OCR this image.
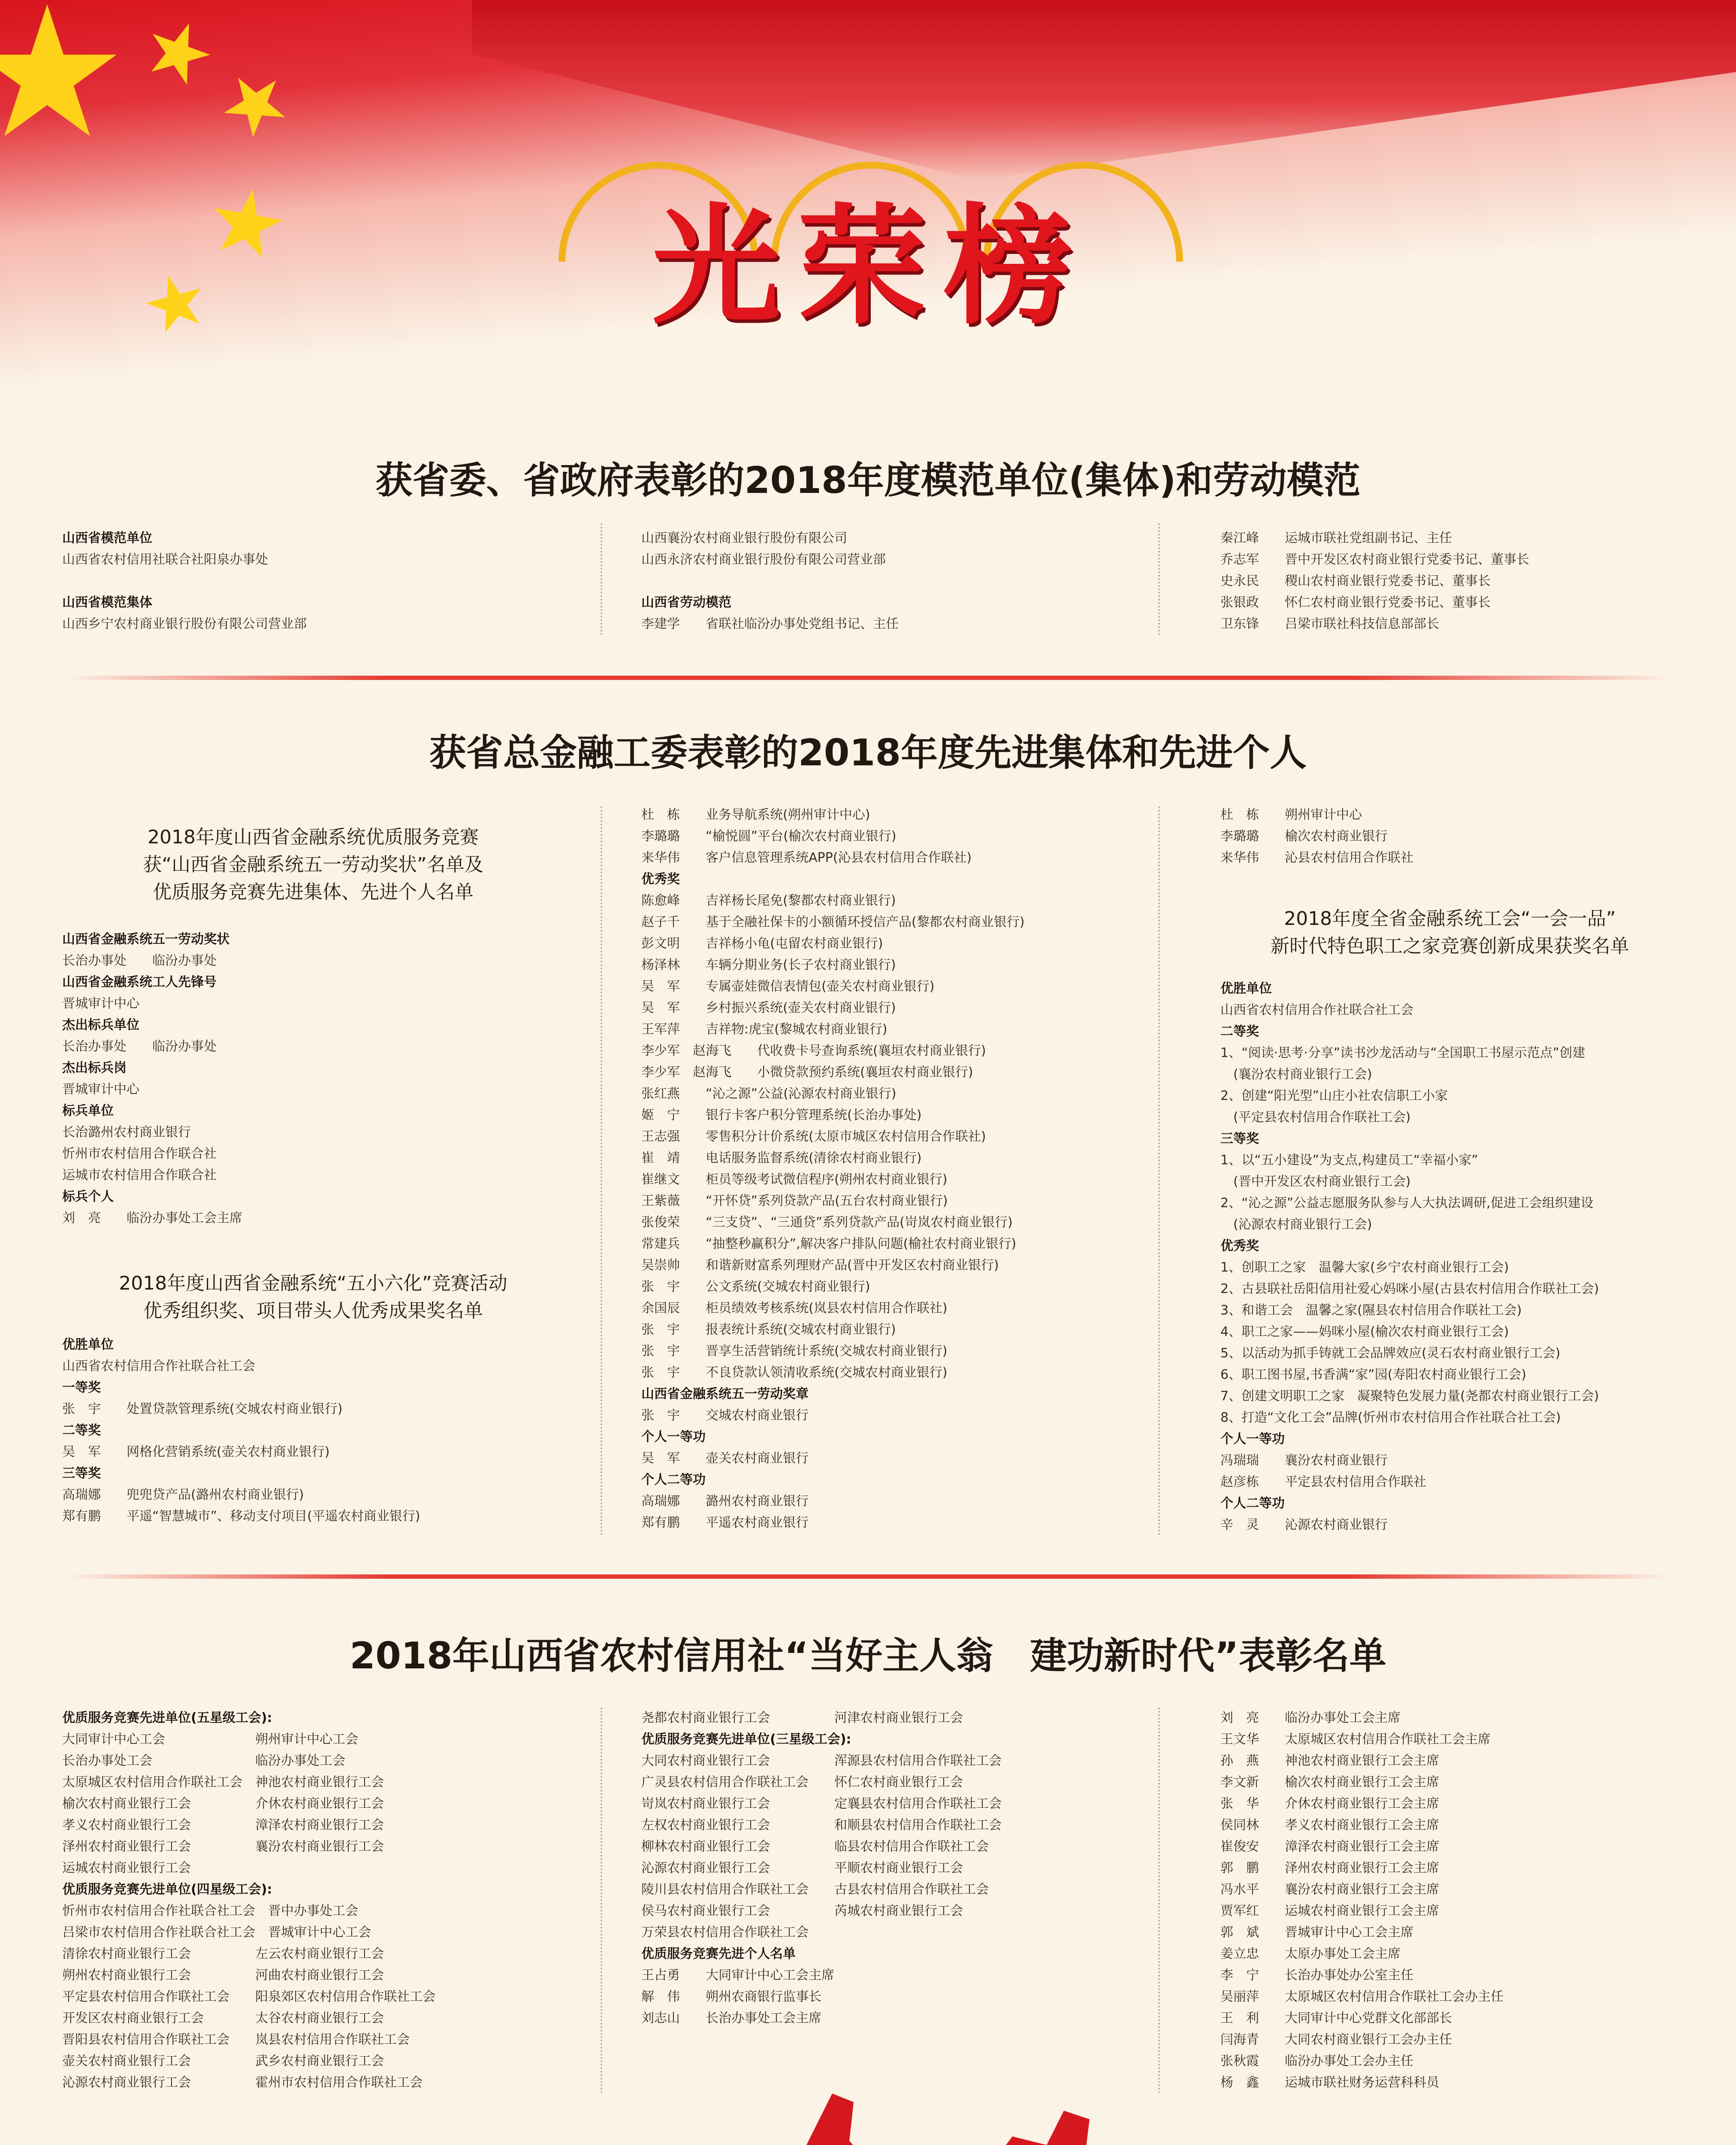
光荣榜
获省委、省政府表彰的2018年度模范单位(集体)和劳动模范
山西省模范单位
山西省农村信用社联合社阳泉办事处
山西省模范集体
山西乡宁农村商业银行股份有限公司营业部
山西襄汾农村商业银行股份有限公司
山西永济农村商业银行股份有限公司营业部
山西省劳动模范
李建学　　省联社临汾办事处党组书记、主任
秦江峰　　运城市联社党组副书记、主任
乔志军　　晋中开发区农村商业银行党委书记、董事长
史永民　　稷山农村商业银行党委书记、董事长
张银政　　怀仁农村商业银行党委书记、董事长
卫东锋　　吕梁市联社科技信息部部长
获省总金融工委表彰的2018年度先进集体和先进个人
2018年度山西省金融系统优质服务竞赛
获“山西省金融系统五一劳动奖状”名单及
优质服务竞赛先进集体、先进个人名单
山西省金融系统五一劳动奖状
长治办事处　　临汾办事处
山西省金融系统工人先锋号
晋城审计中心
杰出标兵单位
长治办事处　　临汾办事处
杰出标兵岗
晋城审计中心
标兵单位
长治潞州农村商业银行
忻州市农村信用合作联合社
运城市农村信用合作联合社
标兵个人
刘　亮　　临汾办事处工会主席
2018年度山西省金融系统“五小六化”竞赛活动
优秀组织奖、项目带头人优秀成果奖名单
优胜单位
山西省农村信用合作社联合社工会
一等奖
张　宇　　处置贷款管理系统(交城农村商业银行)
二等奖
吴　军　　网格化营销系统(壶关农村商业银行)
三等奖
高瑞娜　　兜兜贷产品(潞州农村商业银行)
郑有鹏　　平遥“智慧城市”、移动支付项目(平遥农村商业银行)
杜　栋　　业务导航系统(朔州审计中心)
李璐璐　　“榆悦圆”平台(榆次农村商业银行)
来华伟　　客户信息管理系统APP(沁县农村信用合作联社)
优秀奖
陈愈峰　　吉祥杨长尾免(黎都农村商业银行)
赵子千　　基于全融社保卡的小额循环授信产品(黎都农村商业银行)
彭文明　　吉祥杨小龟(屯留农村商业银行)
杨泽林　　车辆分期业务(长子农村商业银行)
吴　军　　专属壶娃微信表情包(壶关农村商业银行)
吴　军　　乡村振兴系统(壶关农村商业银行)
王军萍　　吉祥物:虎宝(黎城农村商业银行)
李少军　赵海飞　　代收费卡号查询系统(襄垣农村商业银行)
李少军　赵海飞　　小微贷款预约系统(襄垣农村商业银行)
张红燕　　“沁之源”公益(沁源农村商业银行)
姬　宁　　银行卡客户积分管理系统(长治办事处)
王志强　　零售积分计价系统(太原市城区农村信用合作联社)
崔　靖　　电话服务监督系统(清徐农村商业银行)
崔继文　　柜员等级考试微信程序(朔州农村商业银行)
王紫薇　　“开怀贷”系列贷款产品(五台农村商业银行)
张俊荣　　“三支贷”、“三通贷”系列贷款产品(岢岚农村商业银行)
常建兵　　“抽整秒赢积分”,解决客户排队问题(榆社农村商业银行)
吴崇帅　　和谐新财富系列理财产品(晋中开发区农村商业银行)
张　宇　　公文系统(交城农村商业银行)
余国辰　　柜员绩效考核系统(岚县农村信用合作联社)
张　宇　　报表统计系统(交城农村商业银行)
张　宇　　晋享生活营销统计系统(交城农村商业银行)
张　宇　　不良贷款认领清收系统(交城农村商业银行)
山西省金融系统五一劳动奖章
张　宇　　交城农村商业银行
个人一等功
吴　军　　壶关农村商业银行
个人二等功
高瑞娜　　潞州农村商业银行
郑有鹏　　平遥农村商业银行
杜　栋　　朔州审计中心
李璐璐　　榆次农村商业银行
来华伟　　沁县农村信用合作联社
2018年度全省金融系统工会“一会一品”
新时代特色职工之家竞赛创新成果获奖名单
优胜单位
山西省农村信用合作社联合社工会
二等奖
1、“阅读·思考·分享”读书沙龙活动与“全国职工书屋示范点”创建
　(襄汾农村商业银行工会)
2、创建“阳光型”山庄小社农信职工小家
　(平定县农村信用合作联社工会)
三等奖
1、以“五小建设”为支点,构建员工“幸福小家”
　(晋中开发区农村商业银行工会)
2、“沁之源”公益志愿服务队参与人大执法调研,促进工会组织建设
　(沁源农村商业银行工会)
优秀奖
1、创职工之家　温馨大家(乡宁农村商业银行工会)
2、古县联社岳阳信用社爱心妈咪小屋(古县农村信用合作联社工会)
3、和谐工会　温馨之家(隰县农村信用合作联社工会)
4、职工之家——妈咪小屋(榆次农村商业银行工会)
5、以活动为抓手铸就工会品牌效应(灵石农村商业银行工会)
6、职工图书屋,书香满“家”园(寿阳农村商业银行工会)
7、创建文明职工之家　凝聚特色发展力量(尧都农村商业银行工会)
8、打造“文化工会”品牌(忻州市农村信用合作社联合社工会)
个人一等功
冯瑞瑞　　襄汾农村商业银行
赵彦栋　　平定县农村信用合作联社
个人二等功
辛　灵　　沁源农村商业银行
2018年山西省农村信用社“当好主人翁　建功新时代”表彰名单
优质服务竞赛先进单位(五星级工会):
大同审计中心工会　　　　　　　朔州审计中心工会
长治办事处工会　　　　　　　　临汾办事处工会
太原城区农村信用合作联社工会　神池农村商业银行工会
榆次农村商业银行工会　　　　　介休农村商业银行工会
孝义农村商业银行工会　　　　　漳泽农村商业银行工会
泽州农村商业银行工会　　　　　襄汾农村商业银行工会
运城农村商业银行工会
优质服务竞赛先进单位(四星级工会):
忻州市农村信用合作社联合社工会　晋中办事处工会
吕梁市农村信用合作社联合社工会　晋城审计中心工会
清徐农村商业银行工会　　　　　左云农村商业银行工会
朔州农村商业银行工会　　　　　河曲农村商业银行工会
平定县农村信用合作联社工会　　阳泉郊区农村信用合作联社工会
开发区农村商业银行工会　　　　太谷农村商业银行工会
晋阳县农村信用合作联社工会　　岚县农村信用合作联社工会
壶关农村商业银行工会　　　　　武乡农村商业银行工会
沁源农村商业银行工会　　　　　霍州市农村信用合作联社工会
尧都农村商业银行工会　　　　　河津农村商业银行工会
优质服务竞赛先进单位(三星级工会):
大同农村商业银行工会　　　　　浑源县农村信用合作联社工会
广灵县农村信用合作联社工会　　怀仁农村商业银行工会
岢岚农村商业银行工会　　　　　定襄县农村信用合作联社工会
左权农村商业银行工会　　　　　和顺县农村信用合作联社工会
柳林农村商业银行工会　　　　　临县农村信用合作联社工会
沁源农村商业银行工会　　　　　平顺农村商业银行工会
陵川县农村信用合作联社工会　　古县农村信用合作联社工会
侯马农村商业银行工会　　　　　芮城农村商业银行工会
万荣县农村信用合作联社工会
优质服务竞赛先进个人名单
王占勇　　大同审计中心工会主席
解　伟　　朔州农商银行监事长
刘志山　　长治办事处工会主席
刘　亮　　临汾办事处工会主席
王文华　　太原城区农村信用合作联社工会主席
孙　燕　　神池农村商业银行工会主席
李文新　　榆次农村商业银行工会主席
张　华　　介休农村商业银行工会主席
侯同林　　孝义农村商业银行工会主席
崔俊安　　漳泽农村商业银行工会主席
郭　鹏　　泽州农村商业银行工会主席
冯水平　　襄汾农村商业银行工会主席
贾军红　　运城农村商业银行工会主席
郭　斌　　晋城审计中心工会主席
姜立忠　　太原办事处工会主席
李　宁　　长治办事处办公室主任
吴丽萍　　太原城区农村信用合作联社工会办主任
王　利　　大同审计中心党群文化部部长
闫海青　　大同农村商业银行工会办主任
张秋霞　　临汾办事处工会办主任
杨　鑫　　运城市联社财务运营科科员
